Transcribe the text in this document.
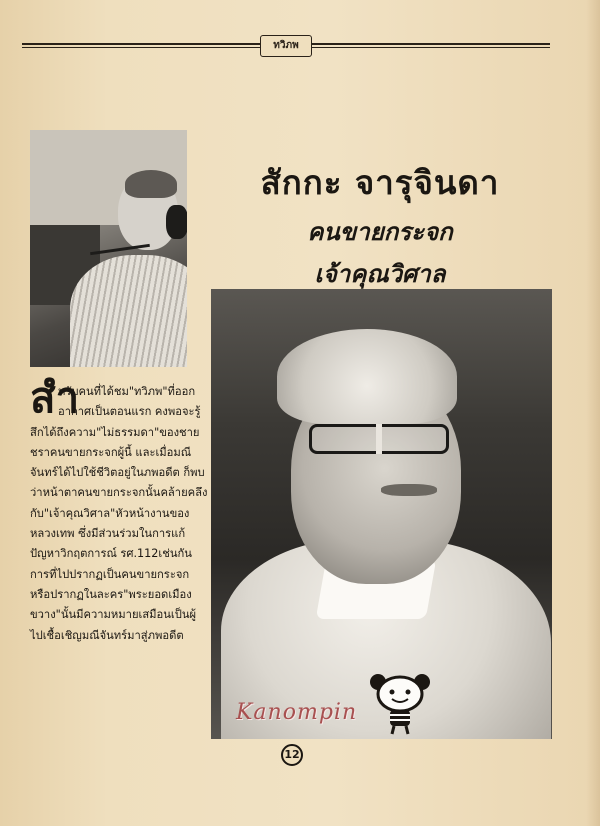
ทวิภพ
สักกะ จารุจินดา
คนขายกระจก
เจ้าคุณวิศาล
สำ
หรับคนที่ได้ชม"ทวิภพ"ที่ออก
อากาศเป็นตอนแรก คงพอจะรู้
สึกได้ถึงความ"ไม่ธรรมดา"ของชาย
ชราคนขายกระจกผู้นี้ และเมื่อมณี
จันทร์ได้ไปใช้ชีวิตอยู่ในภพอดีต ก็พบ
ว่าหน้าตาคนขายกระจกนั้นคล้ายคลึง
กับ"เจ้าคุณวิศาล"หัวหน้างานของ
หลวงเทพ ซึ่งมีส่วนร่วมในการแก้
ปัญหาวิกฤตการณ์ รศ.112เช่นกัน
การที่ไปปรากฏเป็นคนขายกระจก
หรือปรากฏในละคร"พระยอดเมือง
ขวาง"นั้นมีความหมายเสมือนเป็นผู้
ไปเชื้อเชิญมณีจันทร์มาสู่ภพอดีต
Kanompin
12
